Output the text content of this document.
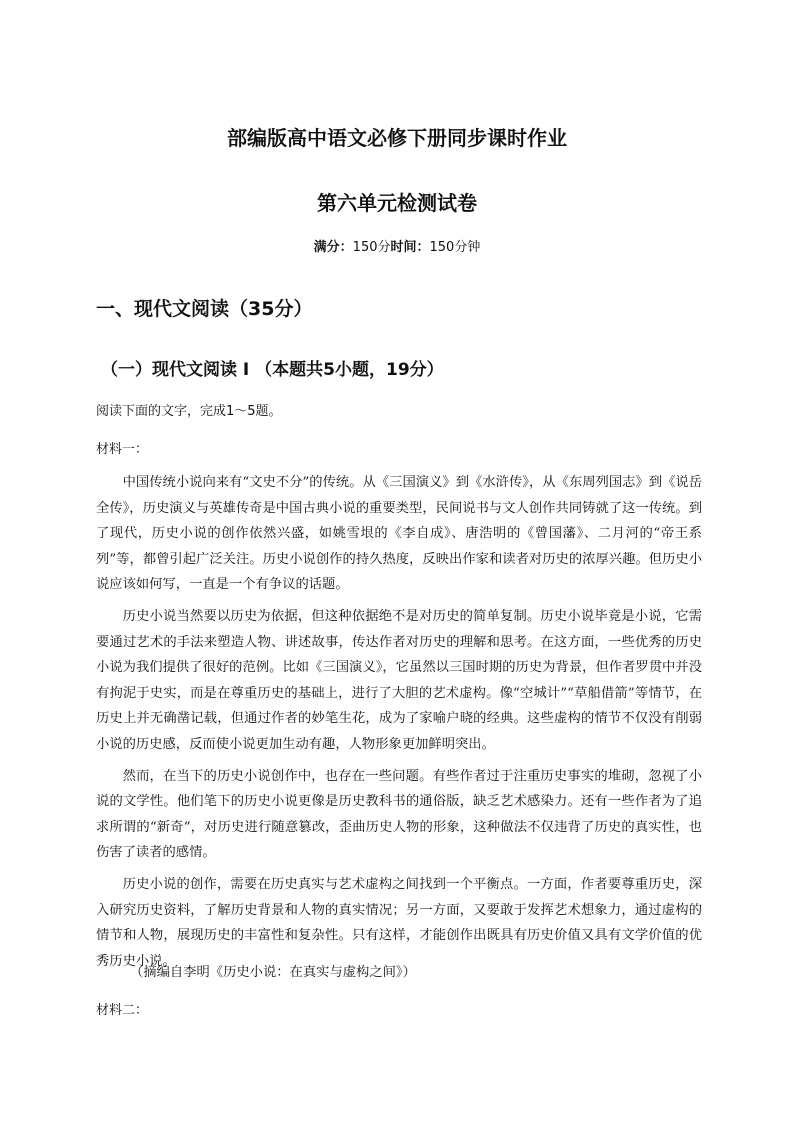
部编版高中语文必修下册同步课时作业
第六单元检测试卷
满分：150分时间：150分钟
一、现代文阅读（35分）
（一）现代文阅读 Ⅰ （本题共5小题，19分）
阅读下面的文字，完成1～5题。
材料一：

中国传统小说向来有“文史不分”的传统。从《三国演义》到《水浒传》，从《东周列国志》到《说岳全传》，历史演义与英雄传奇是中国古典小说的重要类型，民间说书与文人创作共同铸就了这一传统。到了现代，历史小说的创作依然兴盛，如姚雪垠的《李自成》、唐浩明的《曾国藩》、二月河的“帝王系列”等，都曾引起广泛关注。历史小说创作的持久热度，反映出作家和读者对历史的浓厚兴趣。但历史小说应该如何写，一直是一个有争议的话题。

历史小说当然要以历史为依据，但这种依据绝不是对历史的简单复制。历史小说毕竟是小说，它需要通过艺术的手法来塑造人物、讲述故事，传达作者对历史的理解和思考。在这方面，一些优秀的历史小说为我们提供了很好的范例。比如《三国演义》，它虽然以三国时期的历史为背景，但作者罗贯中并没有拘泥于史实，而是在尊重历史的基础上，进行了大胆的艺术虚构。像“空城计”“草船借箭”等情节，在历史上并无确凿记载，但通过作者的妙笔生花，成为了家喻户晓的经典。这些虚构的情节不仅没有削弱小说的历史感，反而使小说更加生动有趣，人物形象更加鲜明突出。

然而，在当下的历史小说创作中，也存在一些问题。有些作者过于注重历史事实的堆砌，忽视了小说的文学性。他们笔下的历史小说更像是历史教科书的通俗版，缺乏艺术感染力。还有一些作者为了追求所谓的“新奇”，对历史进行随意篡改，歪曲历史人物的形象，这种做法不仅违背了历史的真实性，也伤害了读者的感情。

历史小说的创作，需要在历史真实与艺术虚构之间找到一个平衡点。一方面，作者要尊重历史，深入研究历史资料，了解历史背景和人物的真实情况；另一方面，又要敢于发挥艺术想象力，通过虚构的情节和人物，展现历史的丰富性和复杂性。只有这样，才能创作出既具有历史价值又具有文学价值的优秀历史小说。

（摘编自李明《历史小说：在真实与虚构之间》）
材料二：
